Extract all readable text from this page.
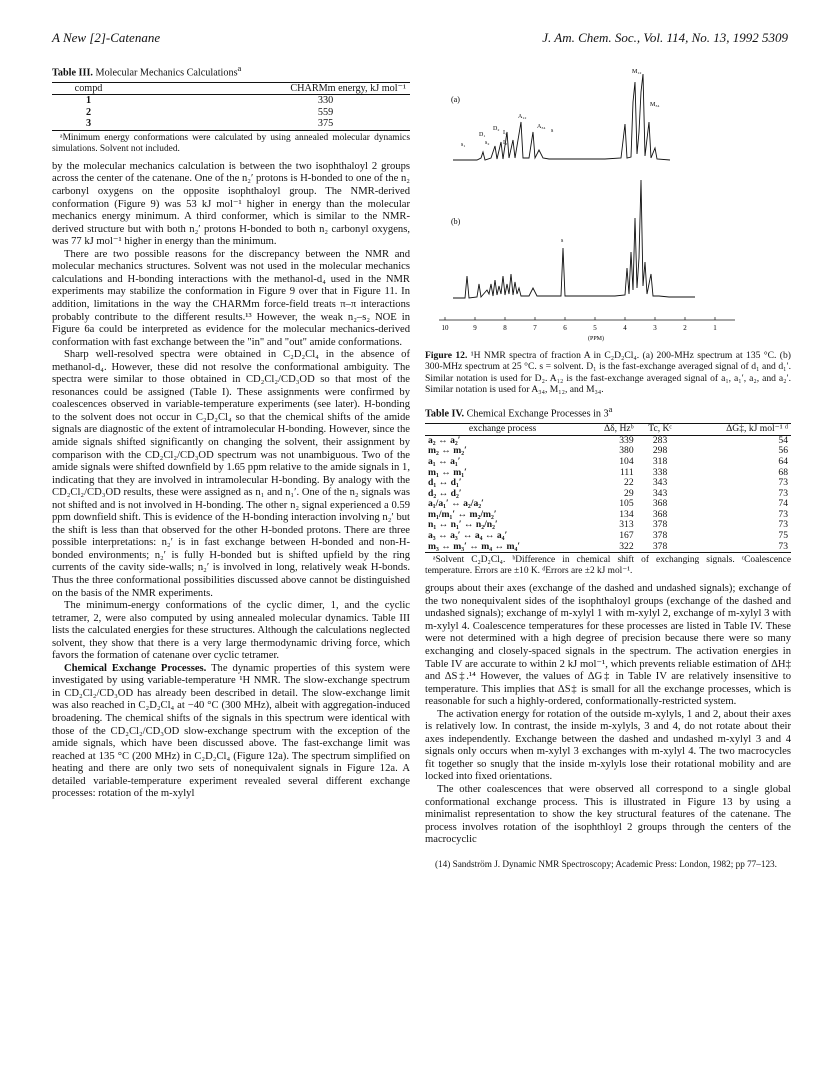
A New [2]-Catenane	J. Am. Chem. Soc., Vol. 114, No. 13, 1992 5309
Table III. Molecular Mechanics Calculations$^a$
compd	CHARMm energy, kJ mol⁻¹
1	330
2	559
3	375

ᵃMinimum energy conformations were calculated by using annealed molecular dynamics simulations. Solvent not included.

by the molecular mechanics calculation is between the two isophthaloyl 2 groups across the center of the catenane. One of the n₂′ protons is H-bonded to one of the n₂ carbonyl oxygens on the opposite isophthaloyl group. The NMR-derived conformation (Figure 9) was 53 kJ mol⁻¹ higher in energy than the molecular mechanics energy minimum. A third conformer, which is similar to the NMR-derived structure but with both n₂′ protons H-bonded to both n₂ carbonyl oxygens, was 77 kJ mol⁻¹ higher in energy than the minimum.

There are two possible reasons for the discrepancy between the NMR and molecular mechanics structures. Solvent was not used in the molecular mechanics calculations and H-bonding interactions with the methanol-d₄ used in the NMR experiments may stabilize the conformation in Figure 9 over that in Figure 11. In addition, limitations in the way the CHARMm force-field treats π–π interactions probably contribute to the different results.¹³ However, the weak n₂–s₂ NOE in Figure 6a could be interpreted as evidence for the molecular mechanics-derived conformation with fast exchange between the "in" and "out" amide conformations.

Sharp well-resolved spectra were obtained in C₂D₂Cl₄ in the absence of methanol-d₄. However, these did not resolve the conformational ambiguity. The spectra were similar to those obtained in CD₂Cl₂/CD₃OD so that most of the resonances could be assigned (Table I). These assignments were confirmed by coalescences observed in variable-temperature experiments (see later). H-bonding to the solvent does not occur in C₂D₂Cl₄ so that the chemical shifts of the amide signals are diagnostic of the extent of intramolecular H-bonding. However, since the amide signals shifted significantly on changing the solvent, their assignment by comparison with the CD₂Cl₂/CD₃OD spectrum was not unambiguous. Two of the amide signals were shifted downfield by 1.65 ppm relative to the amide signals in 1, indicating that they are involved in intramolecular H-bonding. By analogy with the CD₂Cl₂/CD₃OD results, these were assigned as n₁ and n₁′. One of the n₂ signals was not shifted and is not involved in H-bonding. The other n₂ signal experienced a 0.59 ppm downfield shift. This is evidence of the H-bonding interaction involving n₂′ but the shift is less than that observed for the other H-bonded protons. There are three possible interpretations: n₂′ is in fast exchange between H-bonded and non-H-bonded environments; n₂′ is fully H-bonded but is shifted upfield by the ring currents of the cavity side-walls; n₂′ is involved in long, relatively weak H-bonds. Thus the three conformational possibilities discussed above cannot be distinguished on the basis of the NMR experiments.

The minimum-energy conformations of the cyclic dimer, 1, and the cyclic tetramer, 2, were also computed by using annealed molecular dynamics. Table III lists the calculated energies for these structures. Although the calculations neglected solvent, they show that there is a very large thermodynamic driving force, which favors the formation of catenane over cyclic tetramer.

Chemical Exchange Processes. The dynamic properties of this system were investigated by using variable-temperature ¹H NMR. The slow-exchange spectrum in CD₂Cl₂/CD₃OD has already been described in detail. The slow-exchange limit was also reached in C₂D₂Cl₄ at −40 °C (300 MHz), albeit with aggregation-induced broadening. The chemical shifts of the signals in this spectrum were identical with those of the CD₂Cl₂/CD₃OD slow-exchange spectrum with the exception of the amide signals, which have been discussed above. The fast-exchange limit was reached at 135 °C (200 MHz) in C₂D₂Cl₄ (Figure 12a). The spectrum simplified on heating and there are only two sets of nonequivalent signals in Figure 12a. A detailed variable-temperature experiment revealed several different exchange processes: rotation of the m-xylyl

(a)
M₁₂
A₁₂
M₃₄
D₁
D₂
I₁
s₁	s₂
A₃₄
I₂
s
(b)
s
10	9	8	7	6	5	4	3	2	1
(PPM)
Figure 12. ¹H NMR spectra of fraction A in C₂D₂Cl₄. (a) 200-MHz spectrum at 135 °C. (b) 300-MHz spectrum at 25 °C. s = solvent. D₁ is the fast-exchange averaged signal of d₁ and d₁′. Similar notation is used for D₂. A₁₂ is the fast-exchange averaged signal of a₁, a₁′, a₂, and a₂′. Similar notation is used for A₃₄, M₁₂, and M₃₄.
Table IV. Chemical Exchange Processes in 3$^a$
exchange process	Δδ, Hzᵇ	Tc, Kᶜ	ΔG‡, kJ mol⁻¹ ᵈ
a₂ ↔ a₂′	339	283	54
m₂ ↔ m₂′	380	298	56
a₁ ↔ a₁′	104	318	64
m₁ ↔ m₁′	111	338	68
d₁ ↔ d₁′	22	343	73
d₂ ↔ d₂′	29	343	73
a₁/a₁′ ↔ a₂/a₂′	105	368	74
m₁/m₁′ ↔ m₂/m₂′	134	368	73
n₁ ↔ n₁′ ↔ n₂/n₂′	313	378	73
a₃ ↔ a₃′ ↔ a₄ ↔ a₄′	167	378	75
m₃ ↔ m₃′ ↔ m₄ ↔ m₄′	322	378	73

ᵃSolvent C₂D₂Cl₄. ᵇDifference in chemical shift of exchanging signals. ᶜCoalescence temperature. Errors are ±10 K. ᵈErrors are ±2 kJ mol⁻¹.

groups about their axes (exchange of the dashed and undashed signals); exchange of the two nonequivalent sides of the isophthaloyl groups (exchange of the dashed and undashed signals); exchange of m-xylyl 1 with m-xylyl 2, exchange of m-xylyl 3 with m-xylyl 4. Coalescence temperatures for these processes are listed in Table IV. These were not determined with a high degree of precision because there were so many exchanging and closely-spaced signals in the spectrum. The activation energies in Table IV are accurate to within 2 kJ mol⁻¹, which prevents reliable estimation of ΔH‡ and ΔS‡.¹⁴ However, the values of ΔG‡ in Table IV are relatively insensitive to temperature. This implies that ΔS‡ is small for all the exchange processes, which is reasonable for such a highly-ordered, conformationally-restricted system.

The activation energy for rotation of the outside m-xylyls, 1 and 2, about their axes is relatively low. In contrast, the inside m-xylyls, 3 and 4, do not rotate about their axes independently. Exchange between the dashed and undashed m-xylyl 3 and 4 signals only occurs when m-xylyl 3 exchanges with m-xylyl 4. The two macrocycles fit together so snugly that the inside m-xylyls lose their rotational mobility and are locked into fixed orientations.

The other coalescences that were observed all correspond to a single global conformational exchange process. This is illustrated in Figure 13 by using a minimalist representation to show the key structural features of the catenane. The process involves rotation of the isophthloyl 2 groups through the centers of the macrocyclic

(14) Sandström J. Dynamic NMR Spectroscopy; Academic Press: London, 1982; pp 77–123.
